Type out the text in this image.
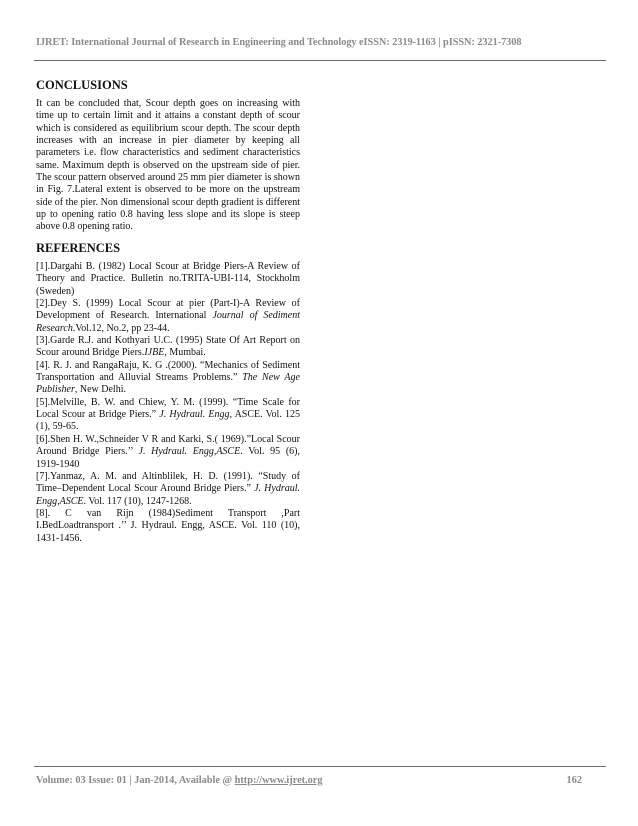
IJRET: International Journal of Research in Engineering and Technology eISSN: 2319-1163 | pISSN: 2321-7308
CONCLUSIONS

It can be concluded that, Scour depth goes on increasing with time up to certain limit and it attains a constant depth of scour which is considered as equilibrium scour depth. The scour depth increases with an increase in pier diameter by keeping all parameters i.e. flow characteristics and sediment characteristics same. Maximum depth is observed on the upstream side of pier. The scour pattern observed around 25 mm pier diameter is shown in Fig. 7.Lateral extent is observed to be more on the upstream side of the pier. Non dimensional scour depth gradient is different up to opening ratio 0.8 having less slope and its slope is steep above 0.8 opening ratio.

REFERENCES
[1].Dargahi B. (1982) Local Scour at Bridge Piers-A Review of Theory and Practice. Bulletin no.TRITA-UBI-114, Stockholm (Sweden)
[2].Dey S. (1999) Local Scour at pier (Part-I)-A Review of Development of Research. International Journal of Sediment Research.Vol.12, No.2, pp 23-44.
[3].Garde R.J. and Kothyari U.C. (1995) State Of Art Report on Scour around Bridge Piers.IJBE, Mumbai.
[4]. R. J. and RangaRaju, K. G .(2000). “Mechanics of Sediment Transportation and Alluvial Streams Problems.” The New Age Publisher, New Delhi.
[5].Melville, B. W. and Chiew, Y. M. (1999). “Time Scale for Local Scour at Bridge Piers.” J. Hydraul. Engg, ASCE. Vol. 125 (1), 59-65.
[6].Shen H. W.,Schneider V R and Karki, S.( 1969).”Local Scour Around Bridge Piers.’’ J. Hydraul. Engg,ASCE. Vol. 95 (6), 1919-1940
[7].Yanmaz, A. M. and Altinblilek, H. D. (1991). “Study of Time–Dependent Local Scour Around Bridge Piers.” J. Hydraul. Engg,ASCE. Vol. 117 (10), 1247-1268.
[8]. C van Rijn (1984)Sediment Transport ,Part I.BedLoadtransport .’’ J. Hydraul. Engg, ASCE. Vol. 110 (10), 1431-1456.
Volume: 03 Issue: 01 | Jan-2014, Available @ http://www.ijret.org	162
